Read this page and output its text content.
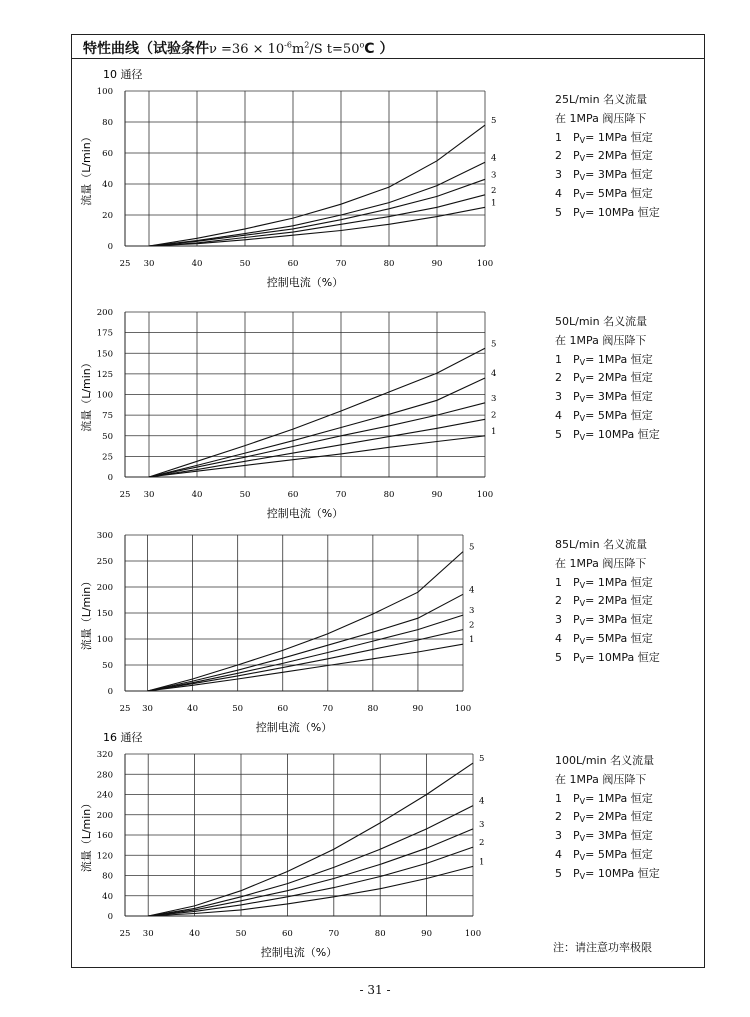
特性曲线（试验条件$\nu =36 \times 10^{-6}m^2/S$ $t=50^oC$ ）
0
20
40
60
80
100
25 30	40	50	60	70	80	90	100
1
2
3
4
5
控制电流（%）
流量（L/min）
10 通径
0
25
50
75
100
125
150
175
200
25 30	40	50	60	70	80	90	100
1
2
3
4
5
控制电流（%）
流量（L/min）
0
50
100
150
200
250
300
25 30	40	50	60	70	80	90	100
1
2
3
4
5
控制电流（%）
流量（L/min）
0
40
80
120
160
200
240
280
320
25 30	40	50	60	70	80	90	100
1
2
3
4
5
控制电流（%）
流量（L/min）
16 通径
25L/min 名义流量
在 1MPa 阀压降下
1	P V = 1MPa 恒定
2	P V = 2MPa 恒定
3	P V = 3MPa 恒定
4	P V = 5MPa 恒定
5	P V = 10MPa 恒定
50L/min 名义流量
在 1MPa 阀压降下
1	P V = 1MPa 恒定
2	P V = 2MPa 恒定
3	P V = 3MPa 恒定
4	P V = 5MPa 恒定
5	P V = 10MPa 恒定
85L/min 名义流量
在 1MPa 阀压降下
1	P V = 1MPa 恒定
2	P V = 2MPa 恒定
3	P V = 3MPa 恒定
4	P V = 5MPa 恒定
5	P V = 10MPa 恒定
100L/min 名义流量
在 1MPa 阀压降下
1	P V = 1MPa 恒定
2	P V = 2MPa 恒定
3	P V = 3MPa 恒定
4	P V = 5MPa 恒定
5	P V = 10MPa 恒定
注：请注意功率极限
- 31 -
